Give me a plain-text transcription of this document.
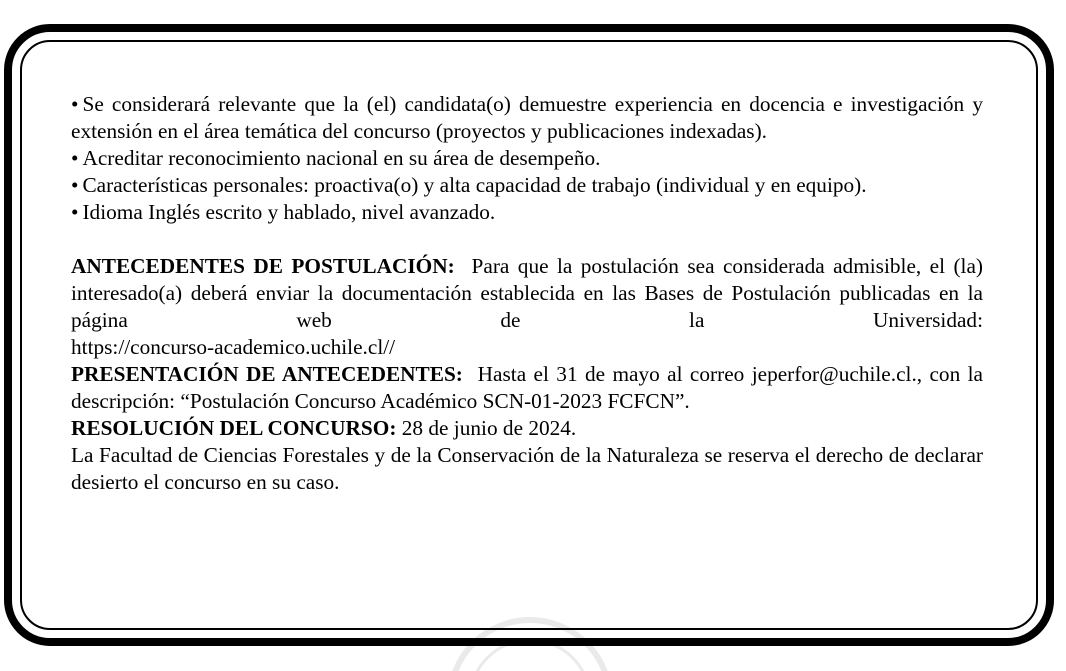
• Se considerará relevante que la (el) candidata(o) demuestre experiencia en docencia e investigación y extensión en el área temática del concurso (proyectos y publicaciones indexadas).

• Acreditar reconocimiento nacional en su área de desempeño.

• Características personales: proactiva(o) y alta capacidad de trabajo (individual y en equipo).

• Idioma Inglés escrito y hablado, nivel avanzado.

ANTECEDENTES DE POSTULACIÓN: Para que la postulación sea considerada admisible, el (la) interesado(a) deberá enviar la documentación establecida en las Bases de Postulación publicadas en la página web de la Universidad:

https://concurso-academico.uchile.cl//

PRESENTACIÓN DE ANTECEDENTES: Hasta el 31 de mayo al correo jeperfor@uchile.cl., con la descripción: “Postulación Concurso Académico SCN-01-2023 FCFCN”.

RESOLUCIÓN DEL CONCURSO: 28 de junio de 2024.

La Facultad de Ciencias Forestales y de la Conservación de la Naturaleza se reserva el derecho de declarar desierto el concurso en su caso.
